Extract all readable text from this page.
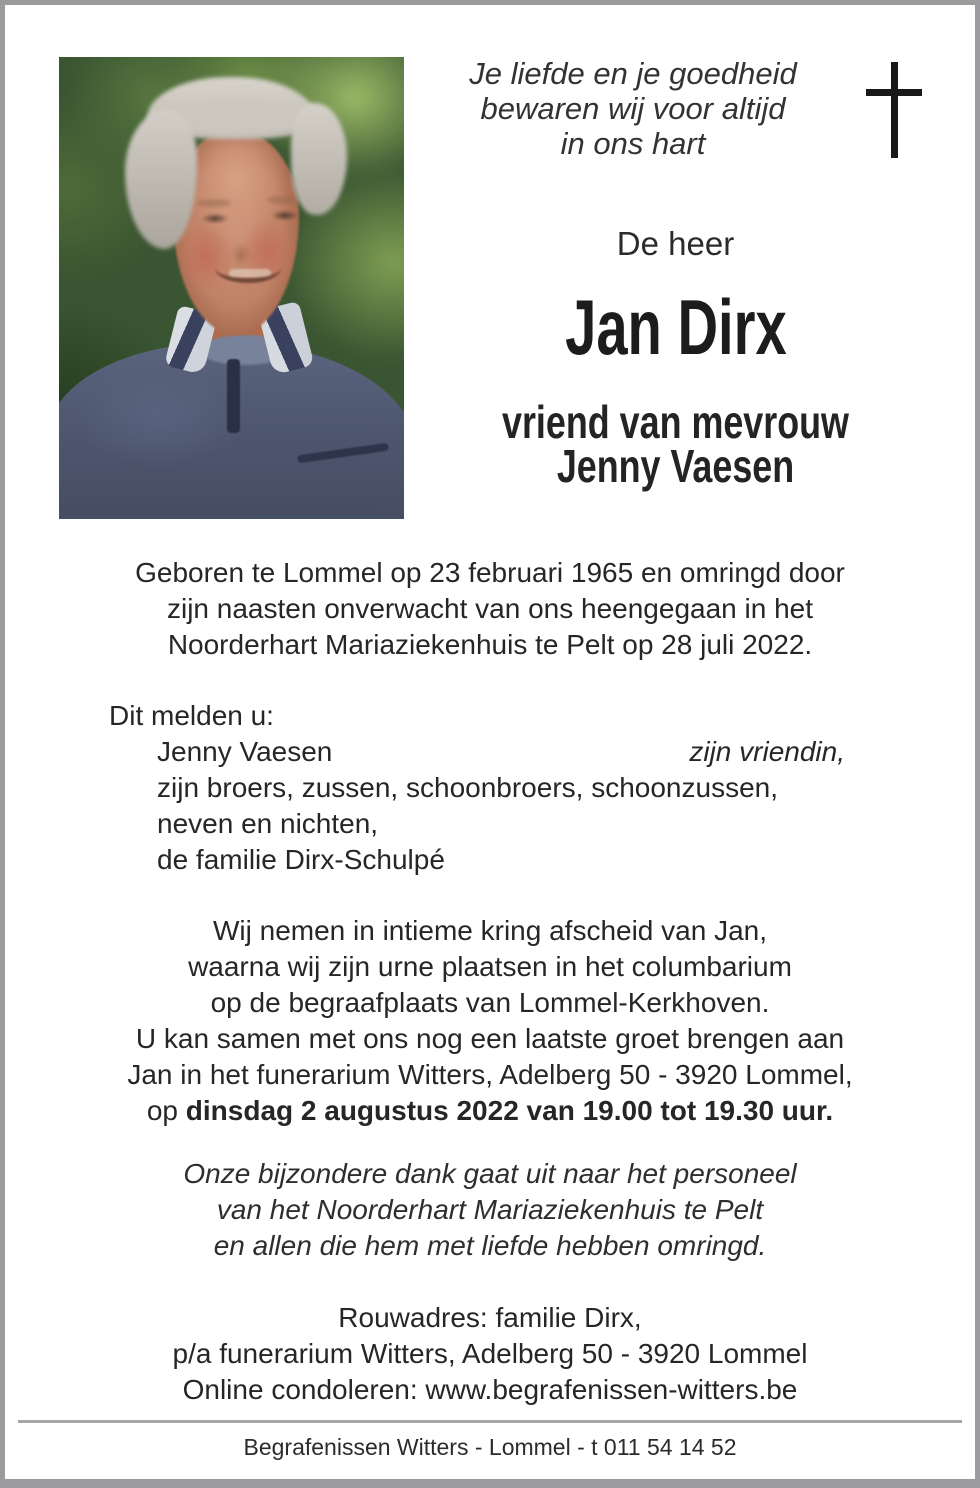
Je liefde en je goedheid
bewaren wij voor altijd
in ons hart
De heer
Jan Dirx
vriend van mevrouw
Jenny Vaesen
Geboren te Lommel op 23 februari 1965 en omringd door
zijn naasten onverwacht van ons heengegaan in het
Noorderhart Mariaziekenhuis te Pelt op 28 juli 2022.
Dit melden u:
Jenny Vaesen	zijn vriendin,
zijn broers, zussen, schoonbroers, schoonzussen,
neven en nichten,
de familie Dirx-Schulpé
Wij nemen in intieme kring afscheid van Jan,
waarna wij zijn urne plaatsen in het columbarium
op de begraafplaats van Lommel-Kerkhoven.
U kan samen met ons nog een laatste groet brengen aan
Jan in het funerarium Witters, Adelberg 50 - 3920 Lommel,
op dinsdag 2 augustus 2022 van 19.00 tot 19.30 uur.
Onze bijzondere dank gaat uit naar het personeel
van het Noorderhart Mariaziekenhuis te Pelt
en allen die hem met liefde hebben omringd.
Rouwadres: familie Dirx,
p/a funerarium Witters, Adelberg 50 - 3920 Lommel
Online condoleren: www.begrafenissen-witters.be
Begrafenissen Witters - Lommel - t 011 54 14 52
